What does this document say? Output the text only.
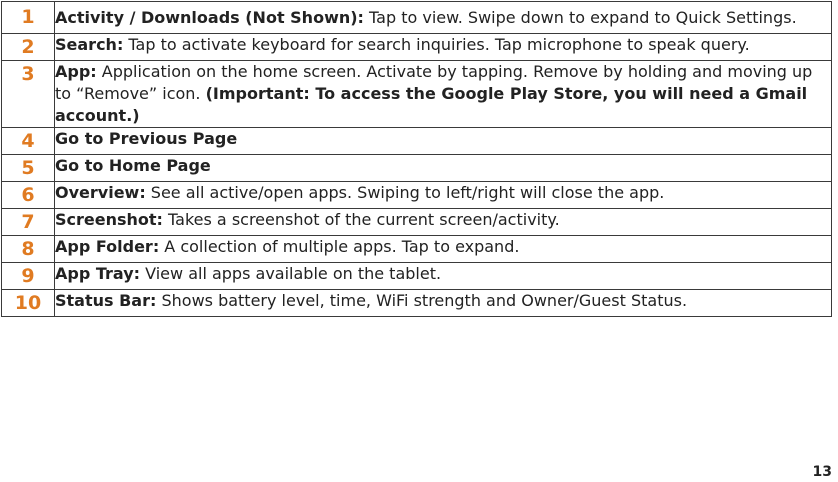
1	Activity / Downloads (Not Shown): Tap to view. Swipe down to expand to Quick Settings.
2	Search: Tap to activate keyboard for search inquiries. Tap microphone to speak query.
3	App: Application on the home screen. Activate by tapping. Remove by holding and moving up to “Remove” icon. (Important: To access the Google Play Store, you will need a Gmail account.)
4	Go to Previous Page
5	Go to Home Page
6	Overview: See all active/open apps. Swiping to left/right will close the app.
7	Screenshot: Takes a screenshot of the current screen/activity.
8	App Folder: A collection of multiple apps. Tap to expand.
9	App Tray: View all apps available on the tablet.
10	Status Bar: Shows battery level, time, WiFi strength and Owner/Guest Status.
13
